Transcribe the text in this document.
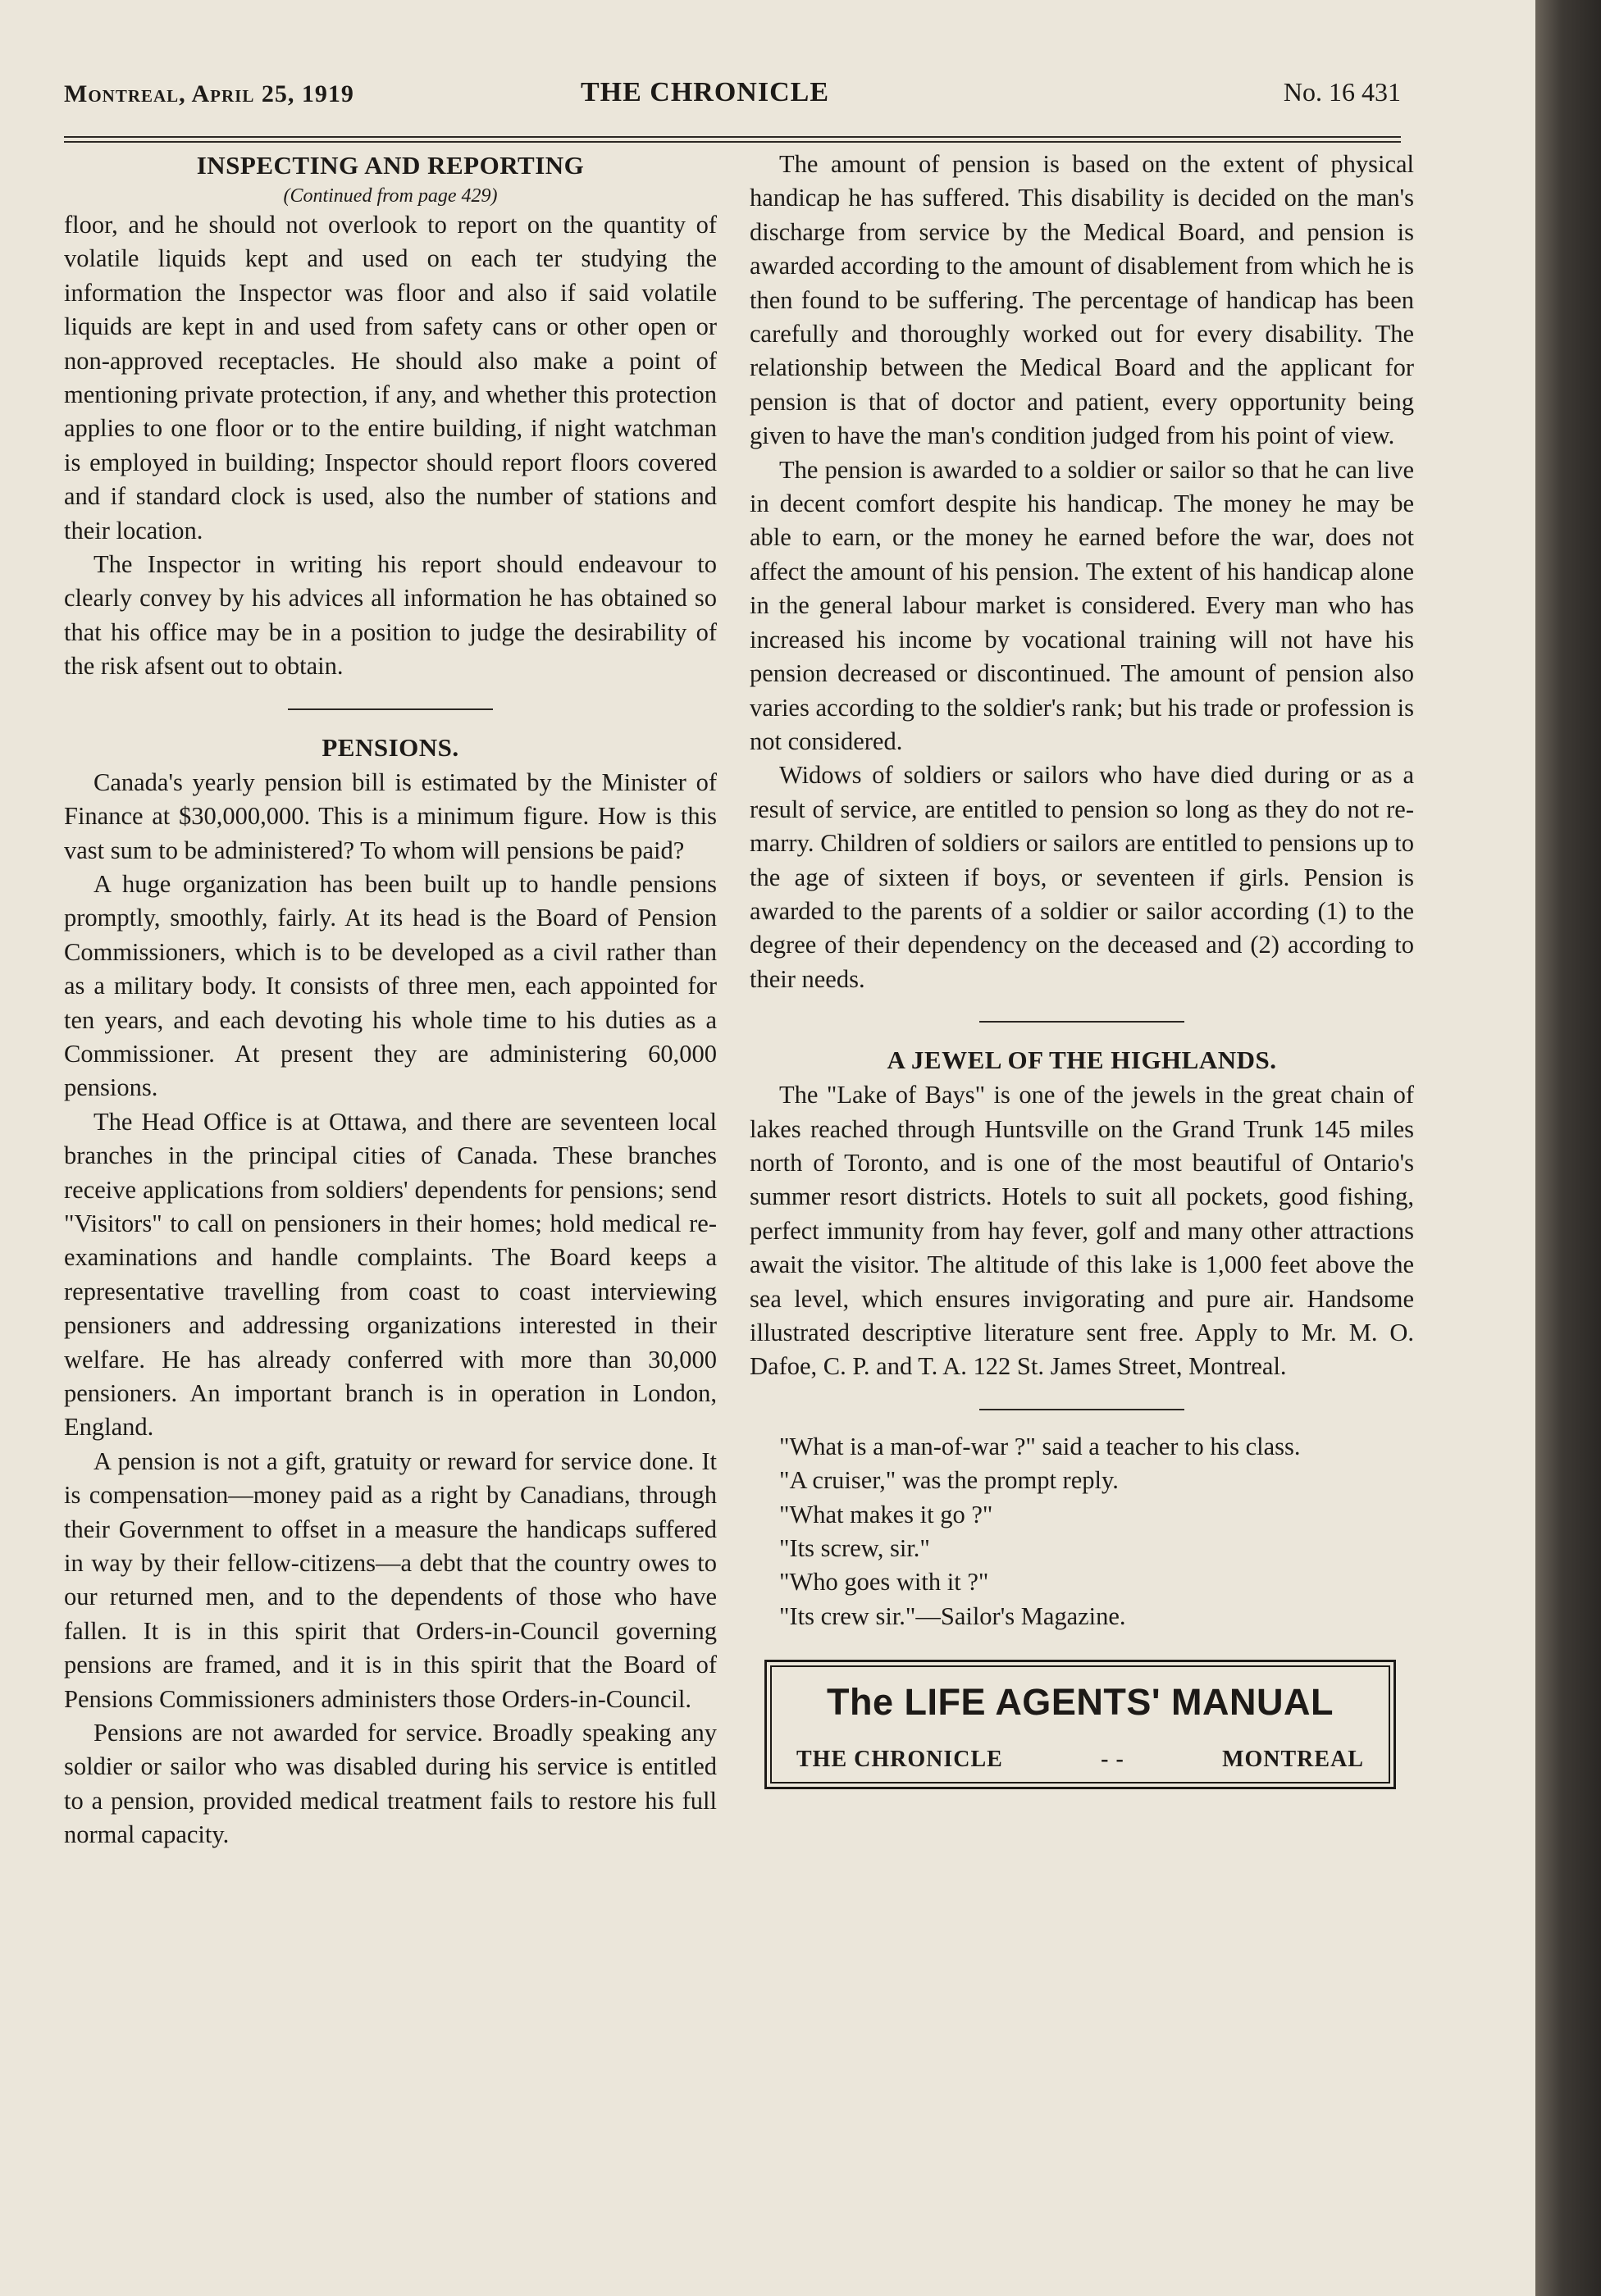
Montreal, April 25, 1919	THE CHRONICLE	No. 16 431
INSPECTING AND REPORTING
(Continued from page 429)

floor, and he should not overlook to report on the quantity of volatile liquids kept and used on each ter studying the information the Inspector was floor and also if said volatile liquids are kept in and used from safety cans or other open or non-approved receptacles. He should also make a point of mentioning private protection, if any, and whether this protection applies to one floor or to the entire building, if night watchman is employed in building; Inspector should report floors covered and if standard clock is used, also the number of stations and their location.

The Inspector in writing his report should endeavour to clearly convey by his advices all information he has obtained so that his office may be in a position to judge the desirability of the risk afsent out to obtain.

PENSIONS.

Canada's yearly pension bill is estimated by the Minister of Finance at $30,000,000. This is a minimum figure. How is this vast sum to be administered? To whom will pensions be paid?

A huge organization has been built up to handle pensions promptly, smoothly, fairly. At its head is the Board of Pension Commissioners, which is to be developed as a civil rather than as a military body. It consists of three men, each appointed for ten years, and each devoting his whole time to his duties as a Commissioner. At present they are administering 60,000 pensions.

The Head Office is at Ottawa, and there are seventeen local branches in the principal cities of Canada. These branches receive applications from soldiers' dependents for pensions; send "Visitors" to call on pensioners in their homes; hold medical re-examinations and handle complaints. The Board keeps a representative travelling from coast to coast interviewing pensioners and addressing organizations interested in their welfare. He has already conferred with more than 30,000 pensioners. An important branch is in operation in London, England.

A pension is not a gift, gratuity or reward for service done. It is compensation—money paid as a right by Canadians, through their Government to offset in a measure the handicaps suffered in way by their fellow-citizens—a debt that the country owes to our returned men, and to the dependents of those who have fallen. It is in this spirit that Orders-in-Council governing pensions are framed, and it is in this spirit that the Board of Pensions Commissioners administers those Orders-in-Council.

Pensions are not awarded for service. Broadly speaking any soldier or sailor who was disabled during his service is entitled to a pension, provided medical treatment fails to restore his full normal capacity.

The amount of pension is based on the extent of physical handicap he has suffered. This disability is decided on the man's discharge from service by the Medical Board, and pension is awarded according to the amount of disablement from which he is then found to be suffering. The percentage of handicap has been carefully and thoroughly worked out for every disability. The relationship between the Medical Board and the applicant for pension is that of doctor and patient, every opportunity being given to have the man's condition judged from his point of view.

The pension is awarded to a soldier or sailor so that he can live in decent comfort despite his handicap. The money he may be able to earn, or the money he earned before the war, does not affect the amount of his pension. The extent of his handicap alone in the general labour market is considered. Every man who has increased his income by vocational training will not have his pension decreased or discontinued. The amount of pension also varies according to the soldier's rank; but his trade or profession is not considered.

Widows of soldiers or sailors who have died during or as a result of service, are entitled to pension so long as they do not re-marry. Children of soldiers or sailors are entitled to pensions up to the age of sixteen if boys, or seventeen if girls. Pension is awarded to the parents of a soldier or sailor according (1) to the degree of their dependency on the deceased and (2) according to their needs.

A JEWEL OF THE HIGHLANDS.

The "Lake of Bays" is one of the jewels in the great chain of lakes reached through Huntsville on the Grand Trunk 145 miles north of Toronto, and is one of the most beautiful of Ontario's summer resort districts. Hotels to suit all pockets, good fishing, perfect immunity from hay fever, golf and many other attractions await the visitor. The altitude of this lake is 1,000 feet above the sea level, which ensures invigorating and pure air. Handsome illustrated descriptive literature sent free. Apply to Mr. M. O. Dafoe, C. P. and T. A. 122 St. James Street, Montreal.

"What is a man-of-war ?" said a teacher to his class.

"A cruiser," was the prompt reply.

"What makes it go ?"

"Its screw, sir."

"Who goes with it ?"

"Its crew sir."—Sailor's Magazine.

The LIFE AGENTS' MANUAL
THE CHRONICLE	- -	MONTREAL
